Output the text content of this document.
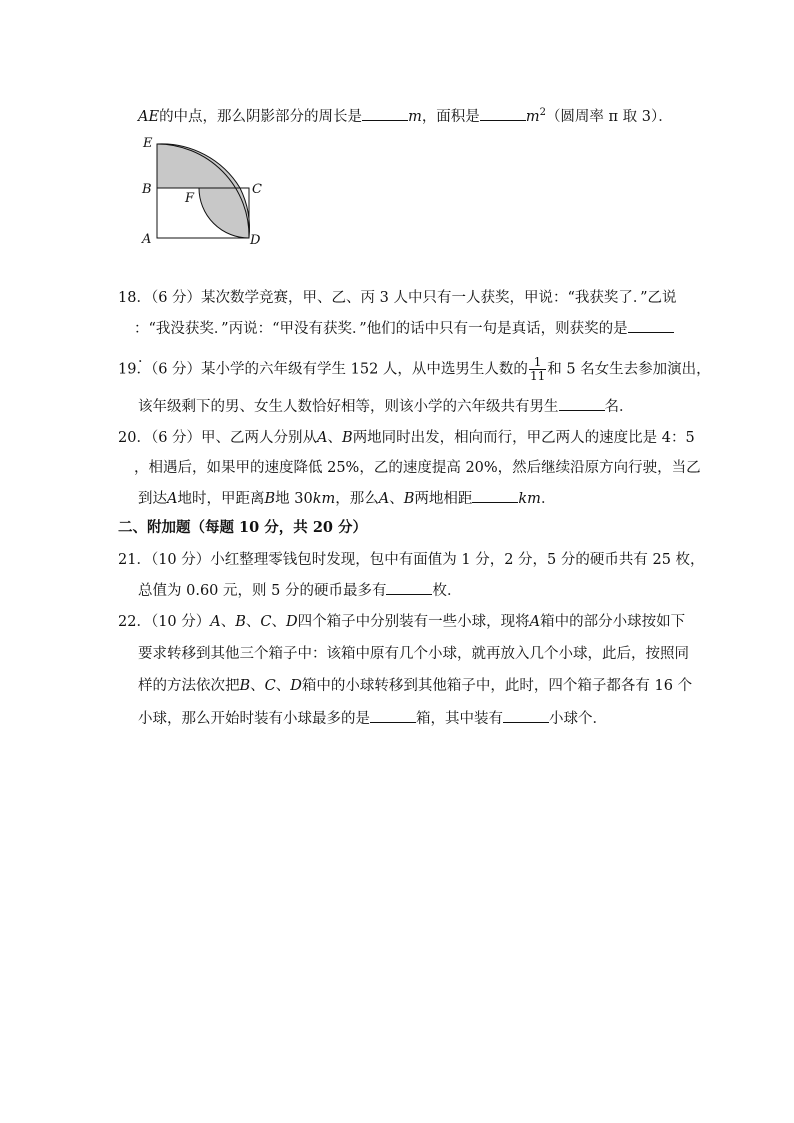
AE的中点，那么阴影部分的周长是	m，面积是	$m^2$（圆周率 π 取 3）．
E
B	C
F
A	D
18．（6 分）某次数学竞赛，甲、乙、丙 3 人中只有一人获奖，甲说：“我获奖了．”乙说
：“我没获奖．”丙说：“甲没有获奖．”他们的话中只有一句是真话，则获奖的是
．
19．（6 分）某小学的六年级有学生 152 人，从中选男生人数的 $\frac{1}{11}$ 和 5 名女生去参加演出，
该年级剩下的男、女生人数恰好相等，则该小学的六年级共有男生	名．
20．（6 分）甲、乙两人分别从A、B两地同时出发，相向而行，甲乙两人的速度比是 4：5
，相遇后，如果甲的速度降低 25%，乙的速度提高 20%，然后继续沿原方向行驶，当乙
到达A地时，甲距离B地 30km，那么A、B两地相距	km．
二、附加题（每题 10 分，共 20 分）
21．（10 分）小红整理零钱包时发现，包中有面值为 1 分，2 分，5 分的硬币共有 25 枚，
总值为 0.60 元，则 5 分的硬币最多有	枚．
22．（10 分）A、B、C、D四个箱子中分别装有一些小球，现将A箱中的部分小球按如下
要求转移到其他三个箱子中：该箱中原有几个小球，就再放入几个小球，此后，按照同
样的方法依次把B、C、D箱中的小球转移到其他箱子中，此时，四个箱子都各有 16 个
小球，那么开始时装有小球最多的是	箱，其中装有	小球个．
